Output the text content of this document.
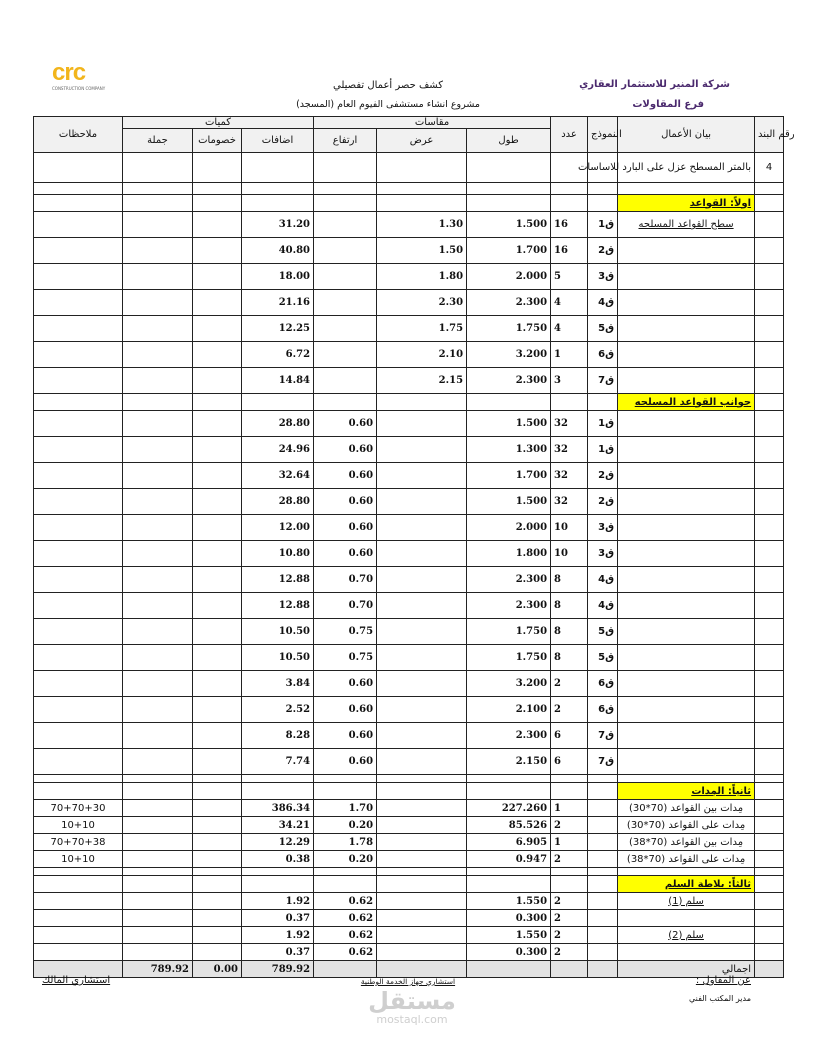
crc
CONSTRUCTION COMPANY	شركة المنير للاستثمار العقاري
فرع المقاولات
كشف حصر أعمال تفصيلي
مشروع انشاء مستشفى الفيوم العام (المسجد)
ملاحظات	كميات			مقاسات			عدد	النموذج	بيان الأعمال	رقم البند
	جملة	خصومات	اضافات	ارتفاع	عرض	طول				
									بالمتر المسطح عزل على البارد للاساسات	4

									اولاً: القواعد	
			31.20		1.30	1.500	16	ق1	سطح القواعد المسلحه	
			40.80		1.50	1.700	16	ق2		
			18.00		1.80	2.000	5	ق3		
			21.16		2.30	2.300	4	ق4		
			12.25		1.75	1.750	4	ق5		
			6.72		2.10	3.200	1	ق6		
			14.84		2.15	2.300	3	ق7		
									جوانب القواعد المسلحه	
			28.80	0.60		1.500	32	ق1		
			24.96	0.60		1.300	32	ق1		
			32.64	0.60		1.700	32	ق2		
			28.80	0.60		1.500	32	ق2		
			12.00	0.60		2.000	10	ق3		
			10.80	0.60		1.800	10	ق3		
			12.88	0.70		2.300	8	ق4		
			12.88	0.70		2.300	8	ق4		
			10.50	0.75		1.750	8	ق5		
			10.50	0.75		1.750	8	ق5		
			3.84	0.60		3.200	2	ق6		
			2.52	0.60		2.100	2	ق6		
			8.28	0.60		2.300	6	ق7		
			7.74	0.60		2.150	6	ق7		

									ثانياً: المِدات	
70+70+30			386.34	1.70		227.260	1		مِدات بين القواعد (70*30)	
10+10			34.21	0.20		85.526	2		مِدات على القواعد (70*30)	
70+70+38			12.29	1.78		6.905	1		مِدات بين القواعد (70*38)	
10+10			0.38	0.20		0.947	2		مِدات على القواعد (70*38)	

									ثالثاً: بلاطة السلم	
			1.92	0.62		1.550	2		سلم (1)	
			0.37	0.62		0.300	2			
			1.92	0.62		1.550	2		سلم (2)	
			0.37	0.62		0.300	2			
	789.92	0.00	789.92						اجمالي	
عن المقاول :
مدير المكتب الفني
استشاري جهاز الخدمة الوطنية
استشاري المالك
مستقل
mostaql.com
